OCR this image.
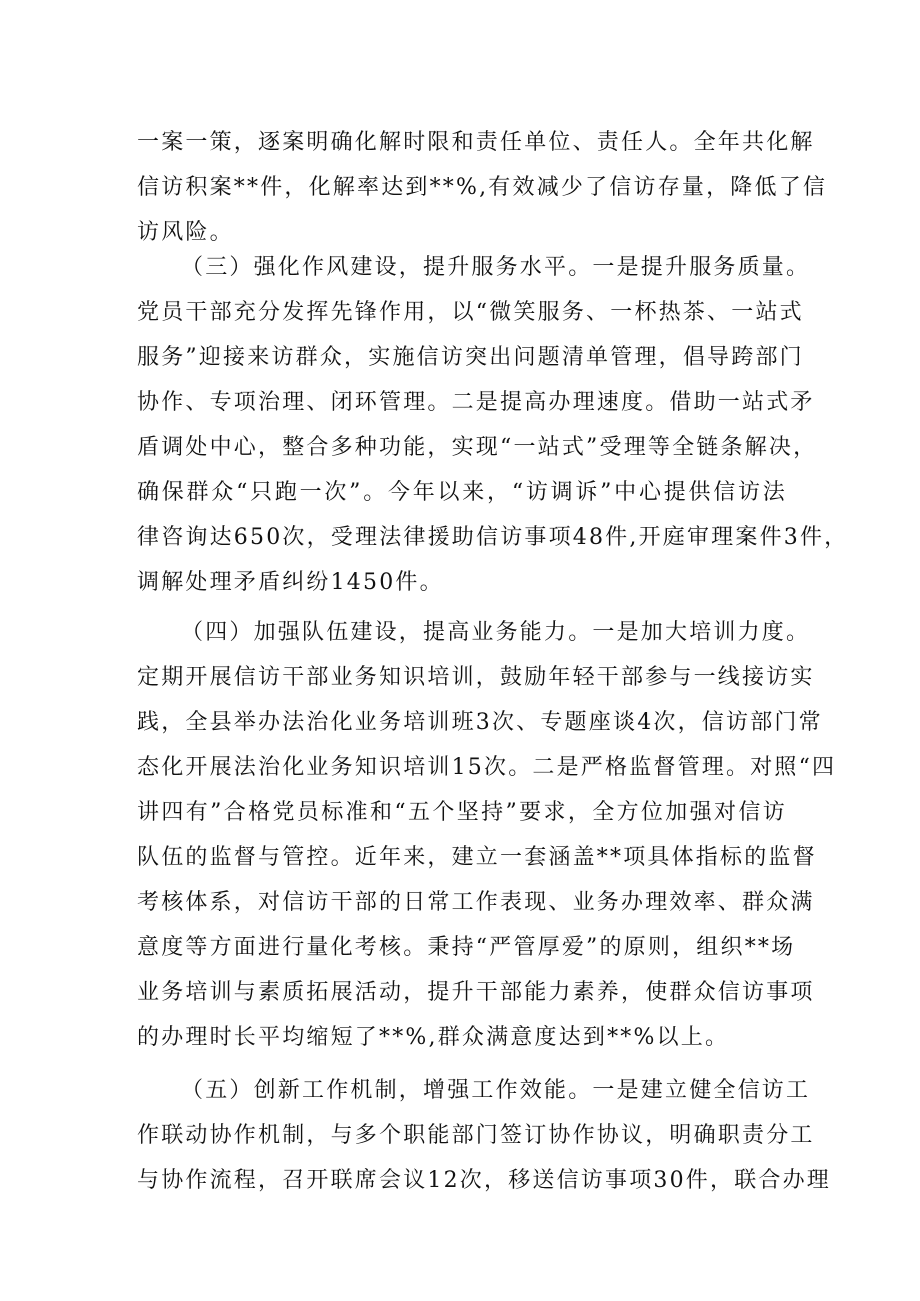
一案一策，逐案明确化解时限和责任单位、责任人。全年共化解
信访积案**件，化解率达到**%,有效减少了信访存量，降低了信
访风险。
（三）强化作风建设，提升服务水平。一是提升服务质量。
党员干部充分发挥先锋作用，以“微笑服务、一杯热茶、一站式
服务”迎接来访群众，实施信访突出问题清单管理，倡导跨部门
协作、专项治理、闭环管理。二是提高办理速度。借助一站式矛
盾调处中心，整合多种功能，实现“一站式”受理等全链条解决，
确保群众“只跑一次”。今年以来，“访调诉”中心提供信访法
律咨询达650次，受理法律援助信访事项48件,开庭审理案件3件，
调解处理矛盾纠纷1450件。
（四）加强队伍建设，提高业务能力。一是加大培训力度。
定期开展信访干部业务知识培训，鼓励年轻干部参与一线接访实
践，全县举办法治化业务培训班3次、专题座谈4次，信访部门常
态化开展法治化业务知识培训15次。二是严格监督管理。对照“四
讲四有”合格党员标准和“五个坚持”要求，全方位加强对信访
队伍的监督与管控。近年来，建立一套涵盖**项具体指标的监督
考核体系，对信访干部的日常工作表现、业务办理效率、群众满
意度等方面进行量化考核。秉持“严管厚爱”的原则，组织**场
业务培训与素质拓展活动，提升干部能力素养，使群众信访事项
的办理时长平均缩短了**%,群众满意度达到**%以上。
（五）创新工作机制，增强工作效能。一是建立健全信访工
作联动协作机制，与多个职能部门签订协作协议，明确职责分工
与协作流程，召开联席会议12次，移送信访事项30件，联合办理
